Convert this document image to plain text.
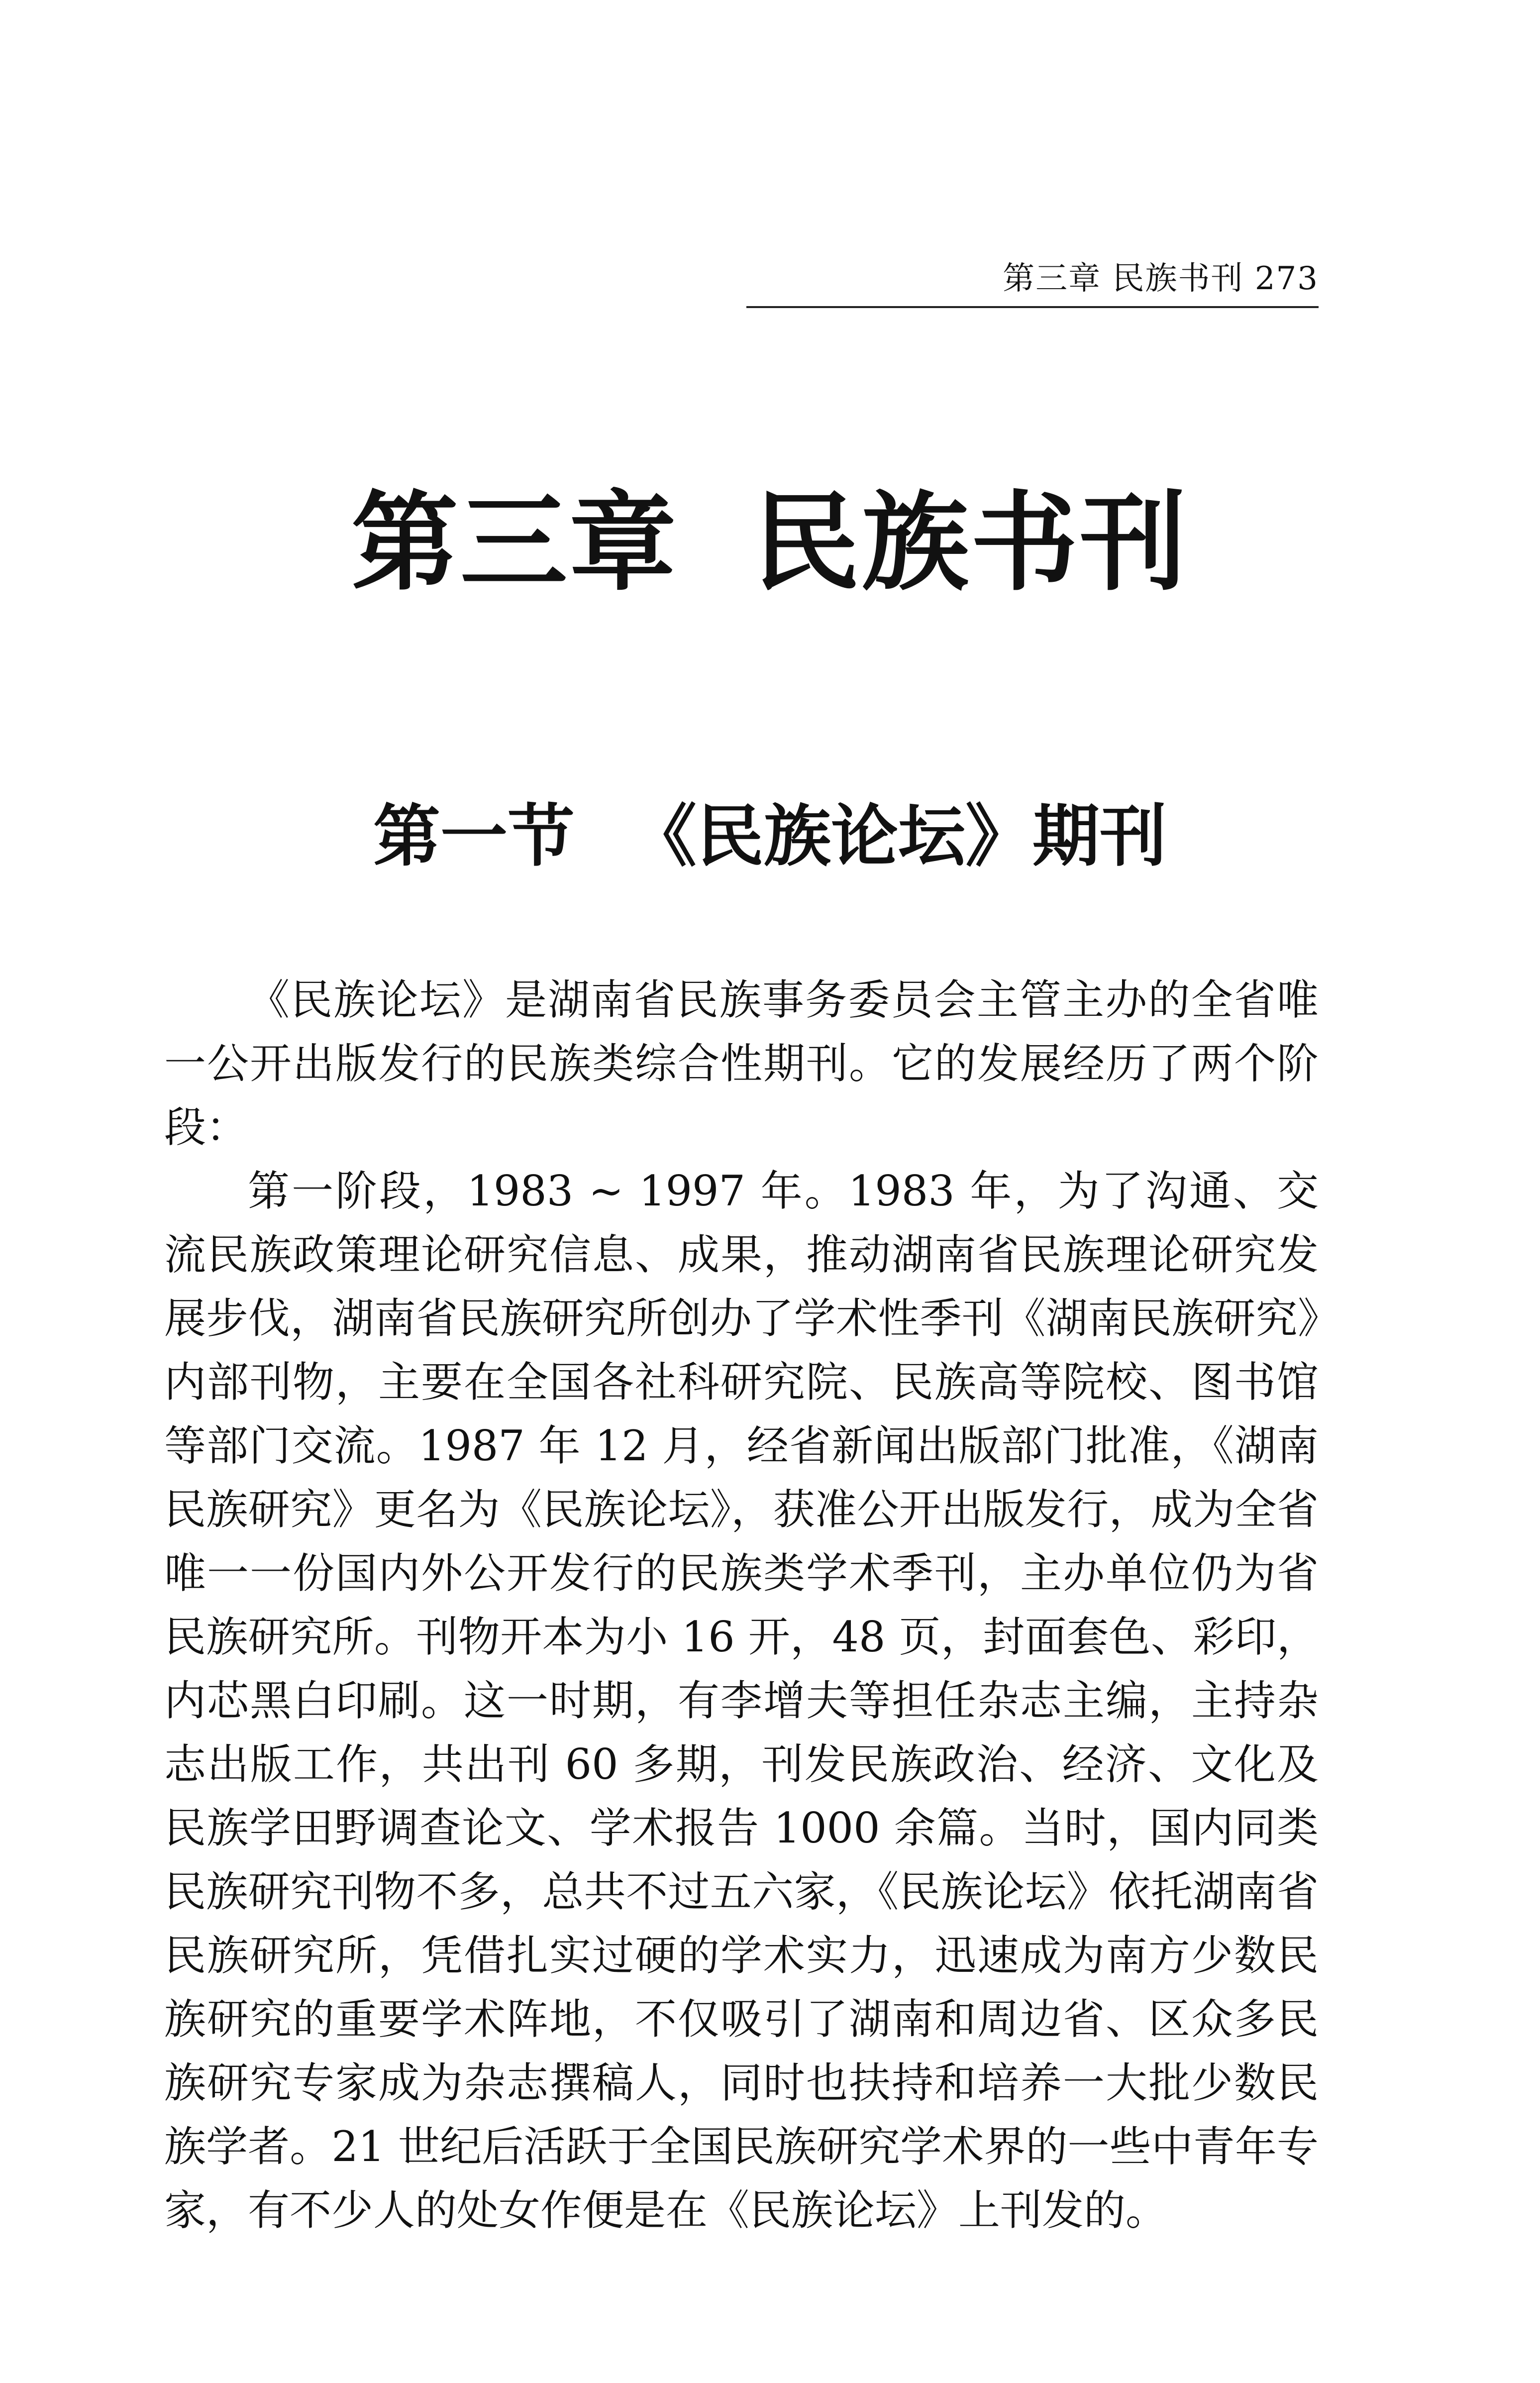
第三章 民族书刊 273
第三章 民族书刊
第一节 《民族论坛》期刊

《民族论坛》是湖南省民族事务委员会主管主办的全省唯一公开出版发行的民族类综合性期刊。它的发展经历了两个阶段：

第一阶段，1983 ~ 1997 年。1983 年，为了沟通、交流民族政策理论研究信息、成果，推动湖南省民族理论研究发展步伐，湖南省民族研究所创办了学术性季刊《湖南民族研究》内部刊物，主要在全国各社科研究院、民族高等院校、图书馆等部门交流。1987 年 12 月，经省新闻出版部门批准，《湖南民族研究》更名为《民族论坛》，获准公开出版发行，成为全省唯一一份国内外公开发行的民族类学术季刊，主办单位仍为省民族研究所。刊物开本为小 16 开，48 页，封面套色、彩印，内芯黑白印刷。这一时期，有李增夫等担任杂志主编，主持杂志出版工作，共出刊 60 多期，刊发民族政治、经济、文化及民族学田野调查论文、学术报告 1000 余篇。当时，国内同类民族研究刊物不多，总共不过五六家，《民族论坛》依托湖南省民族研究所，凭借扎实过硬的学术实力，迅速成为南方少数民族研究的重要学术阵地，不仅吸引了湖南和周边省、区众多民族研究专家成为杂志撰稿人，同时也扶持和培养一大批少数民族学者。21 世纪后活跃于全国民族研究学术界的一些中青年专家，有不少人的处女作便是在《民族论坛》上刊发的。
